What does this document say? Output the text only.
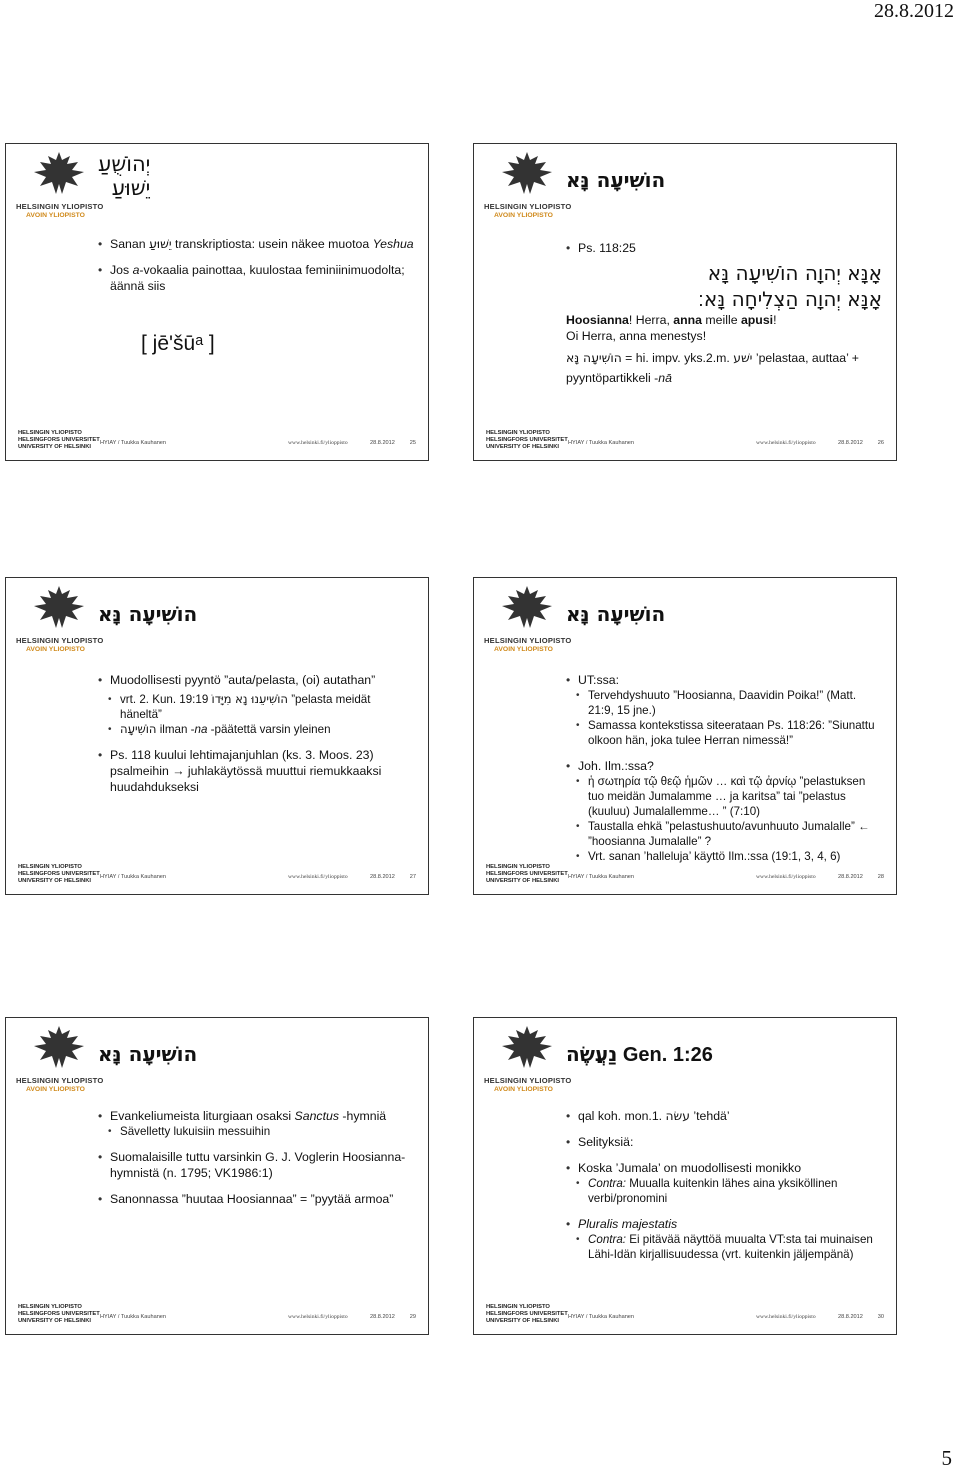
28.8.2012
HELSINGIN YLIOPISTO
AVOIN YLIOPISTO
יְהוֹשֻׁעַ
יֵשׁוּעַ
• Sanan יֵשׁוּעַ transkriptiosta: usein näkee muotoa Yeshua
• Jos a-vokaalia painottaa, kuulostaa feminiinimuodolta; äännä siis
[ jē'šūᵃ ]
HELSINGIN YLIOPISTO
HELSINGFORS UNIVERSITET
UNIVERSITY OF HELSINKI
HYIAY / Tuukka Kauhanen	www.helsinki.fi/ylioppisto	28.8.2012	25
HELSINGIN YLIOPISTO
AVOIN YLIOPISTO
הוֹשִׁיעָה נָּא
• Ps. 118:25
אָנָּא יְהוָה הוֹשִׁיעָה נָּא
אָנָּא יְהוָה הַצְלִיחָה נָּא׃
Hoosianna! Herra, anna meille apusi!
Oi Herra, anna menestys!
הוֹשִׁיעָה נָּא = hi. impv. yks.2.m. ישׁע ’pelastaa, auttaa’ +
pyyntöpartikkeli -nā
HELSINGIN YLIOPISTO
HELSINGFORS UNIVERSITET
UNIVERSITY OF HELSINKI
HYIAY / Tuukka Kauhanen	www.helsinki.fi/ylioppisto	28.8.2012	26
HELSINGIN YLIOPISTO
AVOIN YLIOPISTO
הוֹשִׁיעָה נָּא
• Muodollisesti pyyntö ”auta/pelasta, (oi) autathan”
• vrt. 2. Kun. 19:19 הוֹשִׁיעֵנוּ נָא מִיָּדוֹ ”pelasta meidät häneltä”
• הוֹשִׁיעָה ilman -na -päätettä varsin yleinen
• Ps. 118 kuului lehtimajanjuhlan (ks. 3. Moos. 23) psalmeihin → juhlakäytössä muuttui riemukkaaksi huudahdukseksi
HELSINGIN YLIOPISTO
HELSINGFORS UNIVERSITET
UNIVERSITY OF HELSINKI
HYIAY / Tuukka Kauhanen	www.helsinki.fi/ylioppisto	28.8.2012	27
HELSINGIN YLIOPISTO
AVOIN YLIOPISTO
הוֹשִׁיעָה נָּא
• UT:ssa:
• Tervehdyshuuto ”Hoosianna, Daavidin Poika!” (Matt. 21:9, 15 jne.)
• Samassa kontekstissa siteerataan Ps. 118:26: ”Siunattu olkoon hän, joka tulee Herran nimessä!”
• Joh. Ilm.:ssa?
• ἡ σωτηρία τῷ θεῷ ἡμῶν … καὶ τῷ ἀρνίῳ ”pelastuksen tuo meidän Jumalamme … ja karitsa” tai ”pelastus (kuuluu) Jumalallemme… ” (7:10)
• Taustalla ehkä ”pelastushuuto/avunhuuto Jumalalle” ← ”hoosianna Jumalalle” ?
• Vrt. sanan ’halleluja’ käyttö Ilm.:ssa (19:1, 3, 4, 6)
HELSINGIN YLIOPISTO
HELSINGFORS UNIVERSITET
UNIVERSITY OF HELSINKI
HYIAY / Tuukka Kauhanen	www.helsinki.fi/ylioppisto	28.8.2012	28
HELSINGIN YLIOPISTO
AVOIN YLIOPISTO
הוֹשִׁיעָה נָּא
• Evankeliumeista liturgiaan osaksi Sanctus -hymniä
• Sävelletty lukuisiin messuihin
• Suomalaisille tuttu varsinkin G. J. Voglerin Hoosianna-hymnistä (n. 1795; VK1986:1)
• Sanonnassa ”huutaa Hoosiannaa” = ”pyytää armoa”
HELSINGIN YLIOPISTO
HELSINGFORS UNIVERSITET
UNIVERSITY OF HELSINKI
HYIAY / Tuukka Kauhanen	www.helsinki.fi/ylioppisto	28.8.2012	29
HELSINGIN YLIOPISTO
AVOIN YLIOPISTO
נַעֲשֶׂה Gen. 1:26
• qal koh. mon.1. עשׂה ’tehdä’
• Selityksiä:
• Koska ’Jumala’ on muodollisesti monikko
• Contra: Muualla kuitenkin lähes aina yksiköllinen verbi/pronomini
• Pluralis majestatis
• Contra: Ei pitävää näyttöä muualta VT:sta tai muinaisen Lähi-Idän kirjallisuudessa (vrt. kuitenkin jäljempänä)
HELSINGIN YLIOPISTO
HELSINGFORS UNIVERSITET
UNIVERSITY OF HELSINKI
HYIAY / Tuukka Kauhanen	www.helsinki.fi/ylioppisto	28.8.2012	30
5
